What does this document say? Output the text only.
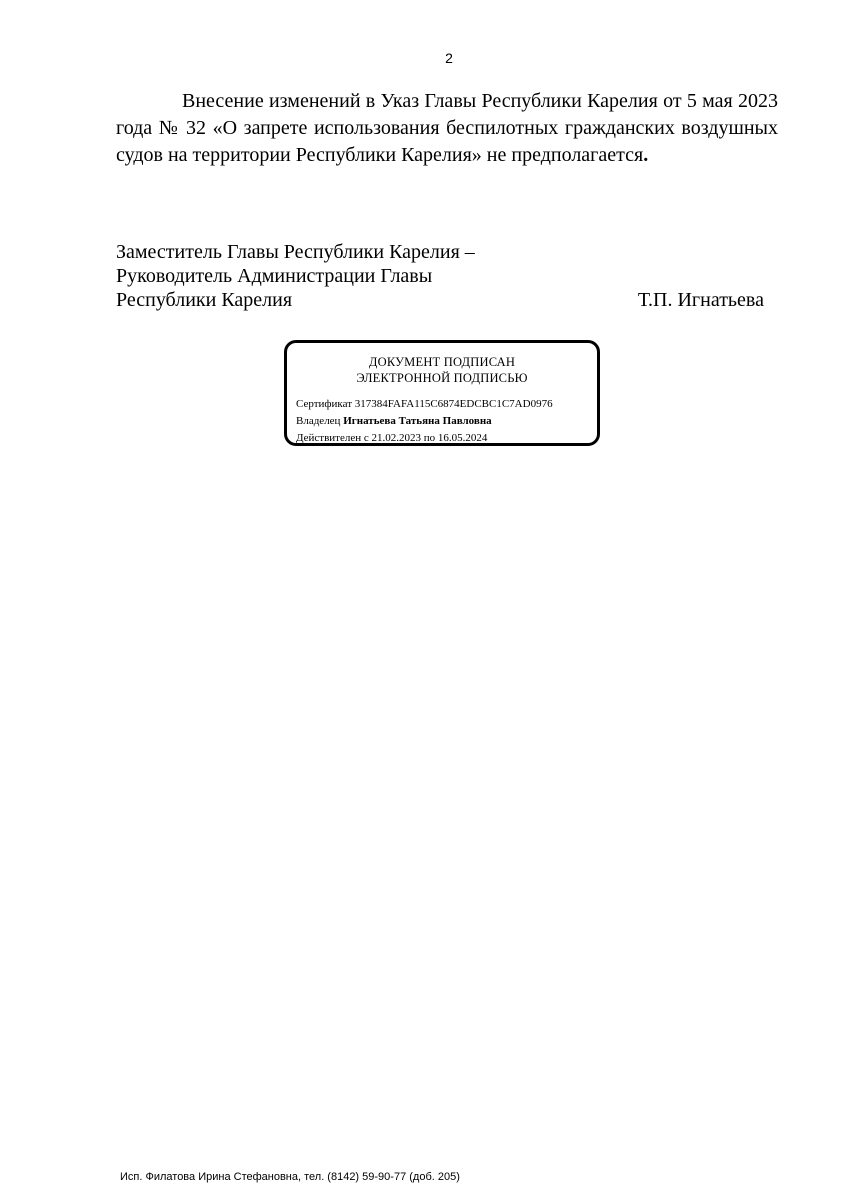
2

Внесение изменений в Указ Главы Республики Карелия от 5 мая 2023 года № 32 «О запрете использования беспилотных гражданских воздушных судов на территории Республики Карелия» не предполагается.

Заместитель Главы Республики Карелия –
Руководитель Администрации Главы
Республики Карелия	Т.П. Игнатьева
ДОКУМЕНТ ПОДПИСАН
ЭЛЕКТРОННОЙ ПОДПИСЬЮ
Сертификат 317384FAFA115C6874EDCBC1C7AD0976
Владелец Игнатьева Татьяна Павловна
Действителен с 21.02.2023 по 16.05.2024
Исп. Филатова Ирина Стефановна, тел. (8142) 59-90-77 (доб. 205)
